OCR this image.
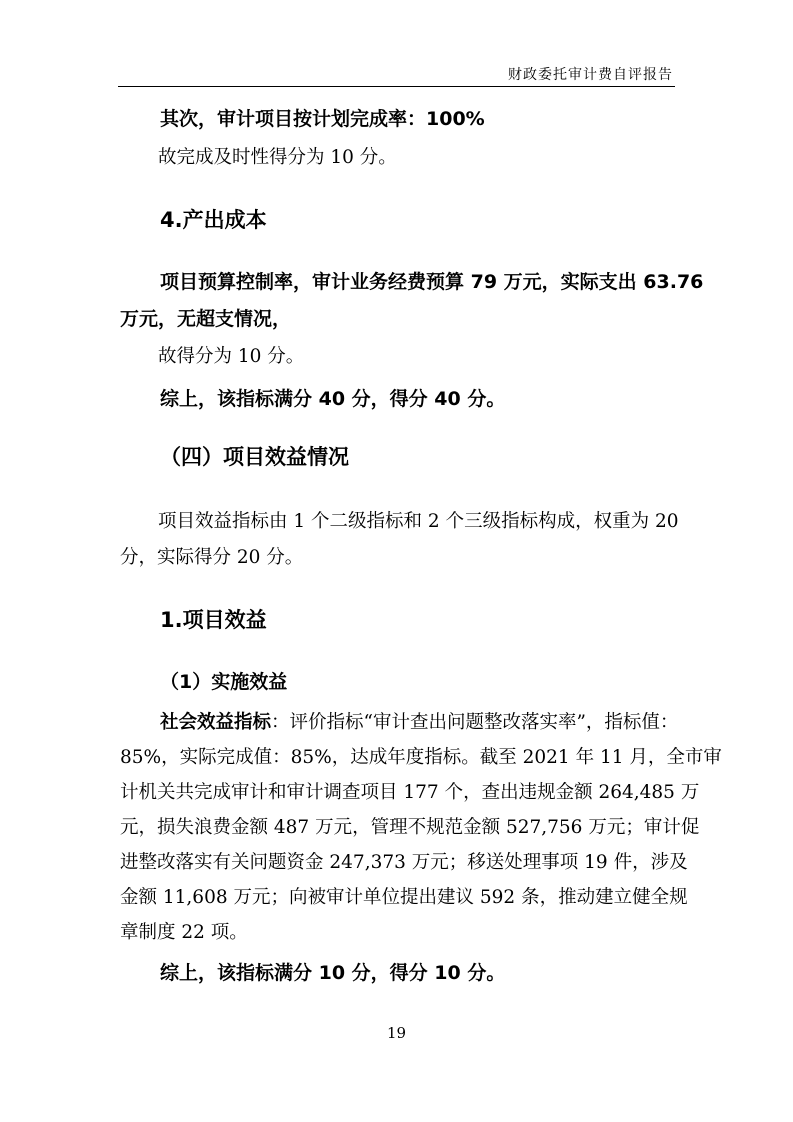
财政委托审计费自评报告
其次，审计项目按计划完成率：100%
故完成及时性得分为 10 分。
4.产出成本
项目预算控制率，审计业务经费预算 79 万元，实际支出 63.76
万元，无超支情况，
故得分为 10 分。
综上，该指标满分 40 分，得分 40 分。
（四）项目效益情况
项目效益指标由 1 个二级指标和 2 个三级指标构成，权重为 20
分，实际得分 20 分。
1.项目效益
（1）实施效益
社会效益指标：评价指标“审计查出问题整改落实率”，指标值：
85%，实际完成值：85%，达成年度指标。截至 2021 年 11 月，全市审
计机关共完成审计和审计调查项目 177 个，查出违规金额 264,485 万
元，损失浪费金额 487 万元，管理不规范金额 527,756 万元；审计促
进整改落实有关问题资金 247,373 万元；移送处理事项 19 件，涉及
金额 11,608 万元；向被审计单位提出建议 592 条，推动建立健全规
章制度 22 项。
综上，该指标满分 10 分，得分 10 分。
19
